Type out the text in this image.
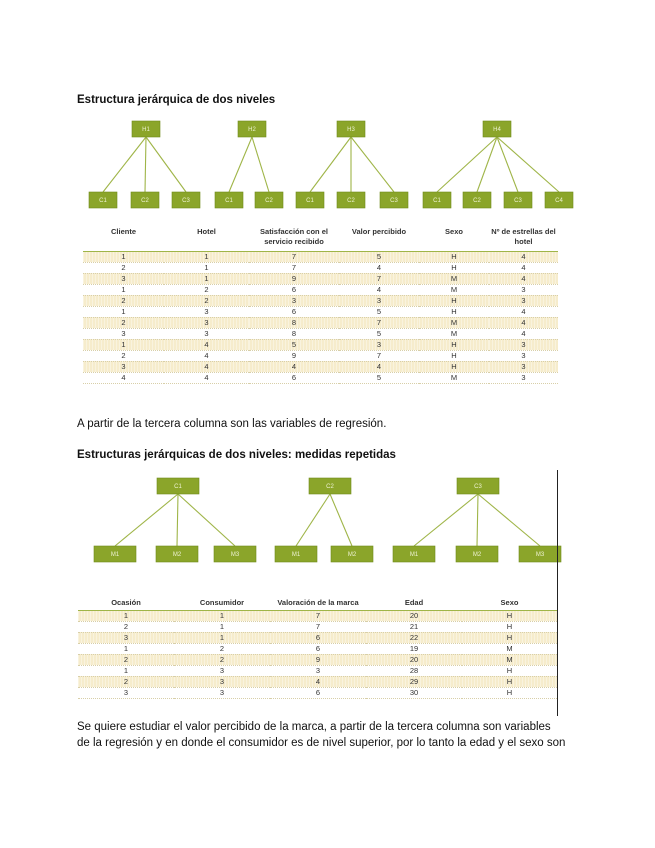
Estructura jerárquica de dos niveles
H1	H2	H3	H4
C1	C2	C3	C1	C2	C1	C2	C3	C1	C2	C3	C4
Cliente	Hotel	Satisfacción con el servicio recibido	Valor percibido	Sexo	Nº de estrellas del hotel
1	1	7	5	H	4
2	1	7	4	H	4
3	1	9	7	M	4
1	2	6	4	M	3
2	2	3	3	H	3
1	3	6	5	H	4
2	3	8	7	M	4
3	3	8	5	M	4
1	4	5	3	H	3
2	4	9	7	H	3
3	4	4	4	H	3
4	4	6	5	M	3
A partir de la tercera columna son las variables de regresión.
Estructuras jerárquicas de dos niveles: medidas repetidas
C1	C2	C3
M1	M2	M3	M1	M2	M1	M2	M3
Ocasión	Consumidor	Valoración de la marca	Edad	Sexo
1	1	7	20	H
2	1	7	21	H
3	1	6	22	H
1	2	6	19	M
2	2	9	20	M
1	3	3	28	H
2	3	4	29	H
3	3	6	30	H
Se quiere estudiar el valor percibido de la marca, a partir de la tercera columna son variables
de la regresión y en donde el consumidor es de nivel superior, por lo tanto la edad y el sexo son
